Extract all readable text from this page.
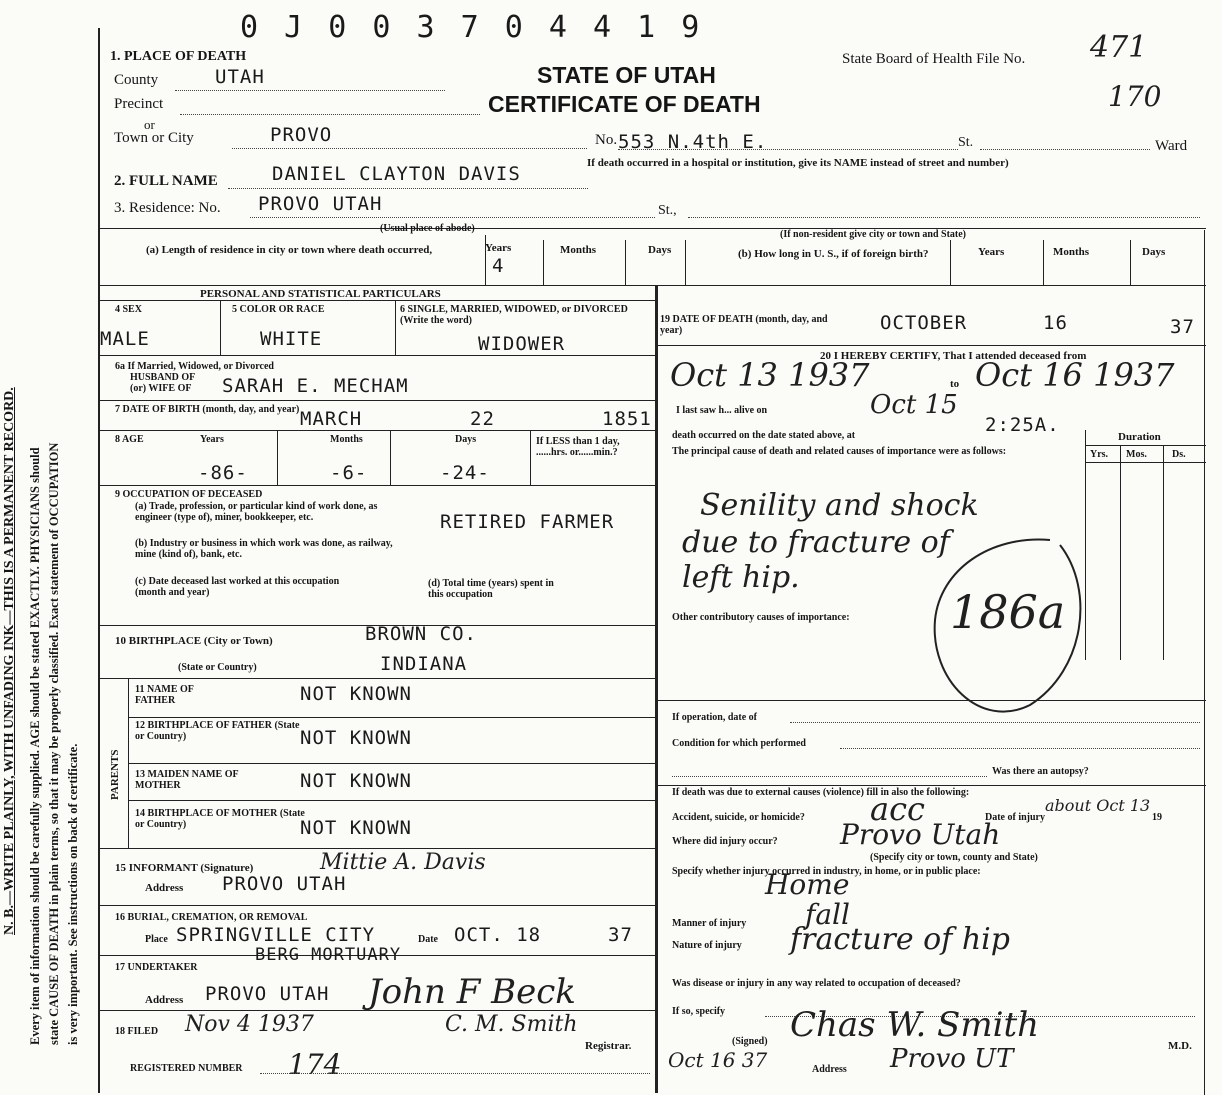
Every item of information should be carefully supplied. AGE should be stated EXACTLY. PHYSICIANS should state CAUSE OF DEATH in plain terms, so that it may be properly classified. Exact statement of OCCUPATION is very important. See instructions on back of certificate.
N. B.—WRITE PLAINLY, WITH UNFADING INK—THIS IS A PERMANENT RECORD.
0 J 0 0 3 7 0 4 4 1 9
STATE OF UTAH
CERTIFICATE OF DEATH
State Board of Health File No. 471
170
1. PLACE OF DEATH
County	UTAH
Precinct
or
Town or City	PROVO	No. 553 N.4th E.	St.	Ward
If death occurred in a hospital or institution, give its NAME instead of street and number)
2. FULL NAME	DANIEL CLAYTON DAVIS
3. Residence: No. PROVO UTAH	St.,
(Usual place of abode)
(If non-resident give city or town and State)
(a) Length of residence in city or town where death occurred,	Years	Months	Days
4
(b) How long in U. S., if of foreign birth?	Years	Months	Days
PERSONAL AND STATISTICAL PARTICULARS
4 SEX
MALE
5 COLOR OR RACE
WHITE
6 SINGLE, MARRIED, WIDOWED, or DIVORCED (Write the word)
WIDOWER
6a If Married, Widowed, or Divorced
HUSBAND OF
(or) WIFE OF SARAH E. MECHAM
7 DATE OF BIRTH (month, day, and year) MARCH	22	1851
8 AGE	Years	Months	Days
-86-	-6-	-24-
If LESS than 1 day, ......hrs. or......min.?
9 OCCUPATION OF DECEASED
(a) Trade, profession, or particular kind of work done, as engineer (type of), miner, bookkeeper, etc.	RETIRED FARMER
(b) Industry or business in which work was done, as railway, mine (kind of), bank, etc.
(c) Date deceased last worked at this occupation (month and year)
(d) Total time (years) spent in this occupation
10 BIRTHPLACE (City or Town)	BROWN CO.
(State or Country)	INDIANA
PARENTS
11 NAME OF FATHER	NOT KNOWN
12 BIRTHPLACE OF FATHER (State or Country)	NOT KNOWN
13 MAIDEN NAME OF MOTHER	NOT KNOWN
14 BIRTHPLACE OF MOTHER (State or Country)	NOT KNOWN
15 INFORMANT (Signature)	Mittie A. Davis
Address PROVO UTAH
16 BURIAL, CREMATION, OR REMOVAL
Place SPRINGVILLE CITY	Date OCT. 18	37
17 UNDERTAKER
BERG MORTUARY
Address PROVO UTAH John F Beck
18 FILED Nov 4 1937	C. M. Smith
Registrar.
REGISTERED NUMBER 174
19 DATE OF DEATH (month, day, and year)	OCTOBER	16	37
20 I HEREBY CERTIFY, That I attended deceased from
Oct 13 1937	to Oct 16 1937
I last saw h... alive on	Oct 15
death occurred on the date stated above, at	2:25A.
Duration
Yrs. Mos.	Ds.
The principal cause of death and related causes of importance were as follows:
Senility and shock
due to fracture of
left hip.
186a
Other contributory causes of importance:
If operation, date of
Condition for which performed
Was there an autopsy?
If death was due to external causes (violence) fill in also the following:
Accident, suicide, or homicide? acc	Date of injury
about Oct 13
19
Where did injury occur? Provo Utah
(Specify city or town, county and State)
Specify whether injury occurred in industry, in home, or in public place:
Home
Manner of injury fall
Nature of injury fracture of hip
Was disease or injury in any way related to occupation of deceased?
If so, specify
(Signed) Chas W. Smith
M.D.
Oct 16 37	Address Provo UT
